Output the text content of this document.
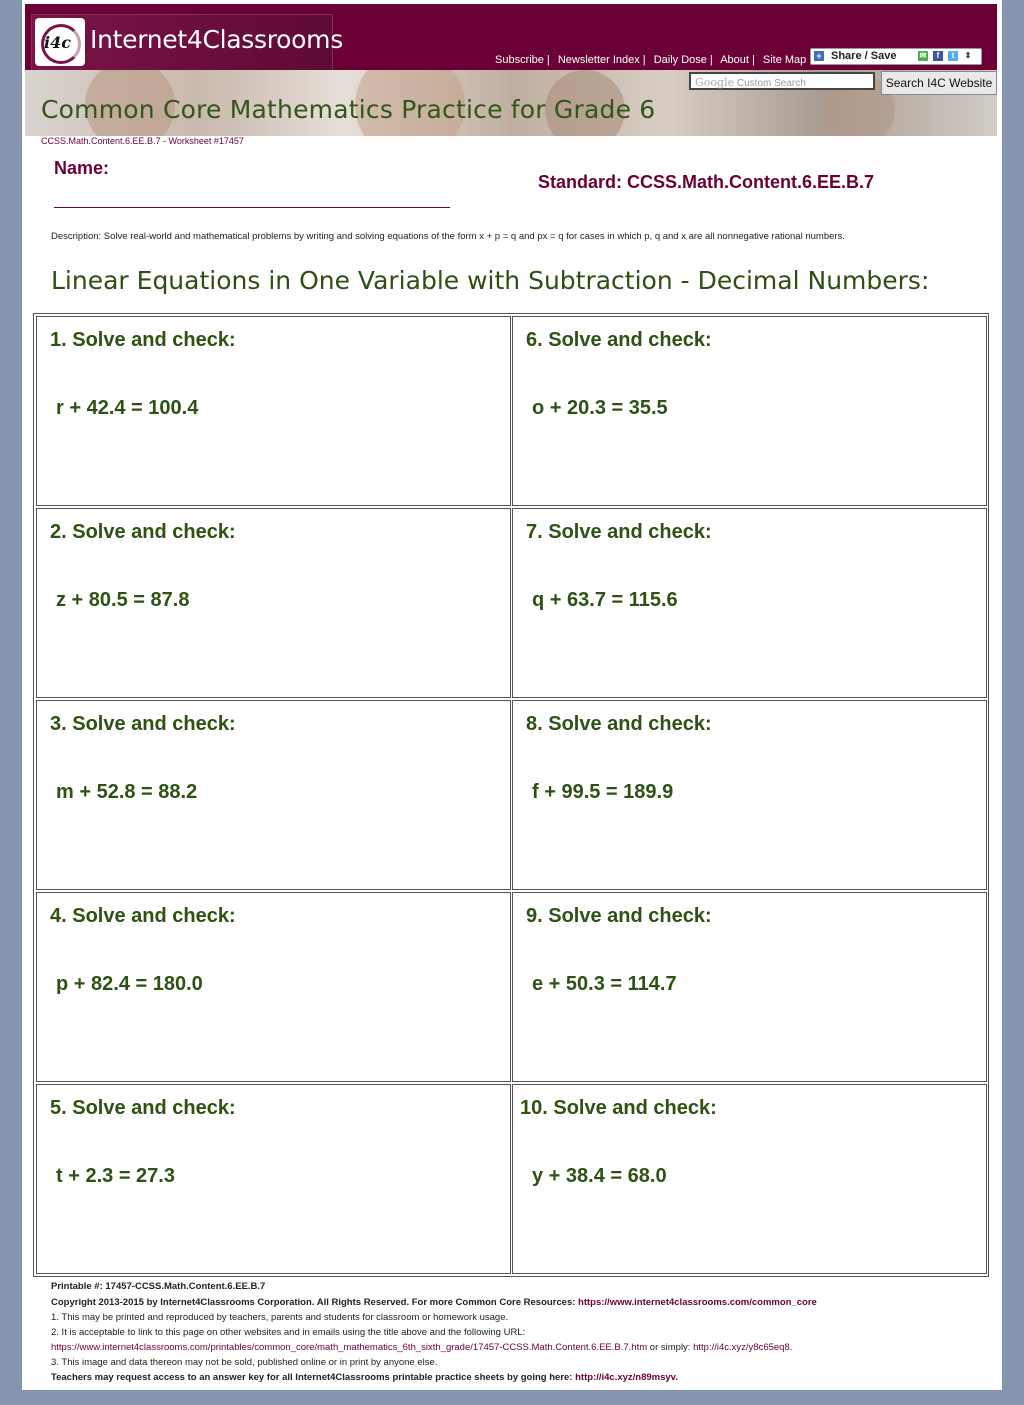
i4c Internet4Classrooms
Subscribe | Newsletter Index | Daily Dose | About | Site Map + Share / Save	✉	f	t	⇕
Google Custom Search	Search I4C Website
Common Core Mathematics Practice for Grade 6
CCSS.Math.Content.6.EE.B.7 - Worksheet #17457
Name:
Standard: CCSS.Math.Content.6.EE.B.7
Description: Solve real-world and mathematical problems by writing and solving equations of the form x + p = q and px = q for cases in which p, q and x are all nonnegative rational numbers.
Linear Equations in One Variable with Subtraction - Decimal Numbers:
1. Solve and check:
r + 42.4 = 100.4
2. Solve and check:
z + 80.5 = 87.8
3. Solve and check:
m + 52.8 = 88.2
4. Solve and check:
p + 82.4 = 180.0
5. Solve and check:
t + 2.3 = 27.3
6. Solve and check:
o + 20.3 = 35.5
7. Solve and check:
q + 63.7 = 115.6
8. Solve and check:
f + 99.5 = 189.9
9. Solve and check:
e + 50.3 = 114.7
10. Solve and check:
y + 38.4 = 68.0
Printable #: 17457-CCSS.Math.Content.6.EE.B.7
Copyright 2013-2015 by Internet4Classrooms Corporation. All Rights Reserved. For more Common Core Resources: https://www.internet4classrooms.com/common_core
1. This may be printed and reproduced by teachers, parents and students for classroom or homework usage.
2. It is acceptable to link to this page on other websites and in emails using the title above and the following URL:
https://www.internet4classrooms.com/printables/common_core/math_mathematics_6th_sixth_grade/17457-CCSS.Math.Content.6.EE.B.7.htm or simply: http://i4c.xyz/y8c65eq8.
3. This image and data thereon may not be sold, published online or in print by anyone else.
Teachers may request access to an answer key for all Internet4Classrooms printable practice sheets by going here: http://i4c.xyz/n89msyv.
